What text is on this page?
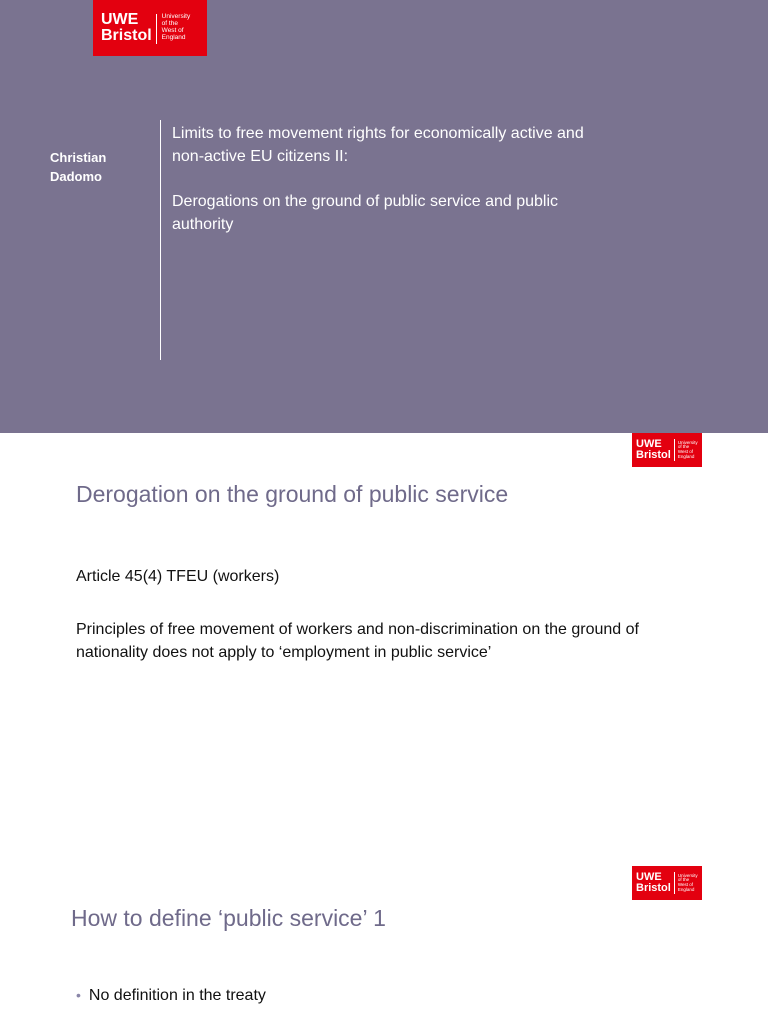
UWE
Bristol
University
of the
West of
England
Christian
Dadomo

Limits to free movement rights for economically active and

non-active EU citizens II:

Derogations on the ground of public service and public

authority

UWE
Bristol
University
of the
West of
England
Derogation on the ground of public service

Article 45(4) TFEU (workers)

Principles of free movement of workers and non-discrimination on the ground of nationality does not apply to ‘employment in public service’

UWE
Bristol
University
of the
West of
England
How to define ‘public service’ 1
• No definition in the treaty
